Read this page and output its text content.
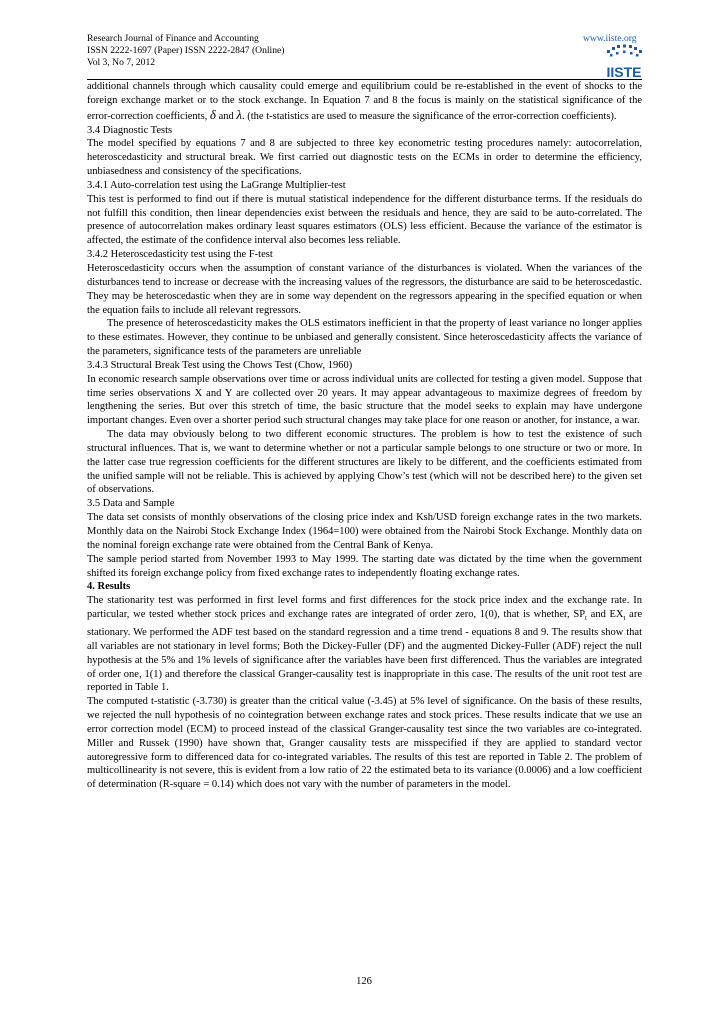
Research Journal of Finance and Accounting
ISSN 2222-1697 (Paper) ISSN 2222-2847 (Online)
Vol 3, No 7, 2012
www.iiste.org
IISTE

additional channels through which causality could emerge and equilibrium could be re-established in the event of shocks to the foreign exchange market or to the stock exchange. In Equation 7 and 8 the focus is mainly on the statistical significance of the error-correction coefficients, δ and λ. (the t-statistics are used to measure the significance of the error-correction coefficients).

3.4 Diagnostic Tests

The model specified by equations 7 and 8 are subjected to three key econometric testing procedures namely: autocorrelation, heteroscedasticity and structural break. We first carried out diagnostic tests on the ECMs in order to determine the efficiency, unbiasedness and consistency of the specifications.

3.4.1 Auto-correlation test using the LaGrange Multiplier-test

This test is performed to find out if there is mutual statistical independence for the different disturbance terms. If the residuals do not fulfill this condition, then linear dependencies exist between the residuals and hence, they are said to be auto-correlated. The presence of autocorrelation makes ordinary least squares estimators (OLS) less efficient. Because the variance of the estimator is affected, the estimate of the confidence interval also becomes less reliable.

3.4.2 Heteroscedasticity test using the F-test

Heteroscedasticity occurs when the assumption of constant variance of the disturbances is violated. When the variances of the disturbances tend to increase or decrease with the increasing values of the regressors, the disturbance are said to be heteroscedastic. They may be heteroscedastic when they are in some way dependent on the regressors appearing in the specified equation or when the equation fails to include all relevant regressors.

The presence of heteroscedasticity makes the OLS estimators inefficient in that the property of least variance no longer applies to these estimates. However, they continue to be unbiased and generally consistent. Since heteroscedasticity affects the variance of the parameters, significance tests of the parameters are unreliable

3.4.3 Structural Break Test using the Chows Test (Chow, 1960)

In economic research sample observations over time or across individual units are collected for testing a given model. Suppose that time series observations X and Y are collected over 20 years. It may appear advantageous to maximize degrees of freedom by lengthening the series. But over this stretch of time, the basic structure that the model seeks to explain may have undergone important changes. Even over a shorter period such structural changes may take place for one reason or another, for instance, a war.

The data may obviously belong to two different economic structures. The problem is how to test the existence of such structural influences. That is, we want to determine whether or not a particular sample belongs to one structure or two or more. In the latter case true regression coefficients for the different structures are likely to be different, and the coefficients estimated from the unified sample will not be reliable. This is achieved by applying Chow’s test (which will not be described here) to the given set of observations.

3.5 Data and Sample

The data set consists of monthly observations of the closing price index and Ksh/USD foreign exchange rates in the two markets. Monthly data on the Nairobi Stock Exchange Index (1964=100) were obtained from the Nairobi Stock Exchange. Monthly data on the nominal foreign exchange rate were obtained from the Central Bank of Kenya.

The sample period started from November 1993 to May 1999. The starting date was dictated by the time when the government shifted its foreign exchange policy from fixed exchange rates to independently floating exchange rates.

4. Results

The stationarity test was performed in first level forms and first differences for the stock price index and the exchange rate. In particular, we tested whether stock prices and exchange rates are integrated of order zero, 1(0), that is whether, $SP_t$ and $EX_t$ are stationary. We performed the ADF test based on the standard regression and a time trend - equations 8 and 9. The results show that all variables are not stationary in level forms; Both the Dickey-Fuller (DF) and the augmented Dickey-Fuller (ADF) reject the null hypothesis at the 5% and 1% levels of significance after the variables have been first differenced. Thus the variables are integrated of order one, 1(1) and therefore the classical Granger-causality test is inappropriate in this case. The results of the unit root test are reported in Table 1.

The computed t-statistic (-3.730) is greater than the critical value (-3.45) at 5% level of significance. On the basis of these results, we rejected the null hypothesis of no cointegration between exchange rates and stock prices. These results indicate that we use an error correction model (ECM) to proceed instead of the classical Granger-causality test since the two variables are co-integrated. Miller and Russek (1990) have shown that, Granger causality tests are misspecified if they are applied to standard vector autoregressive form to differenced data for co-integrated variables. The results of this test are reported in Table 2. The problem of multicollinearity is not severe, this is evident from a low ratio of 22 the estimated beta to its variance (0.0006) and a low coefficient of determination (R-square = 0.14) which does not vary with the number of parameters in the model.

126
